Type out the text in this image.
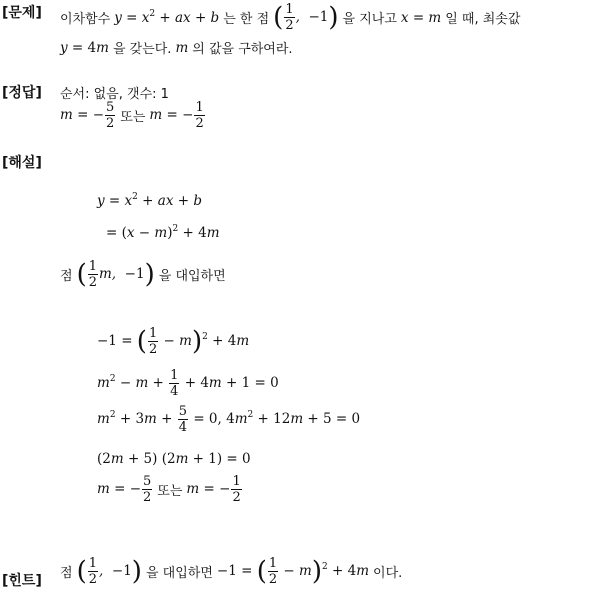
[문제] 이차함수 $y = x^2$ + ax + b 는 한 점 ( $\frac{1}{2}$ ,  −1) 을 지나고 x = m 일 때, 최솟값
y = 4m 을 갖는다. m 의 값을 구하여라.
[정답] 순서: 없음, 갯수: 1
m = − $\frac{5}{2}$ 또는 m = − $\frac{1}{2}$
[해설]
$y = x^2$ + ax + b
= $(x - m)^2 + 4m$
점 ( $\frac{1}{2} m$,  −1) 을 대입하면
−1 = ( $\frac{1}{2} - m)^2 + 4m$
$m^2 - m + \frac{1}{4} + 4m + 1 = 0$
$m^2 + 3m + \frac{5}{4} = 0$, $4m^2 + 12m + 5 = 0$
(2m + 5) (2m + 1) = 0
m = − $\frac{5}{2}$ 또는 m = − $\frac{1}{2}$
[힌트] 점 ( $\frac{1}{2}$ ,  −1) 을 대입하면 −1 = ( $\frac{1}{2} - m)^2 + 4m$ 이다.
